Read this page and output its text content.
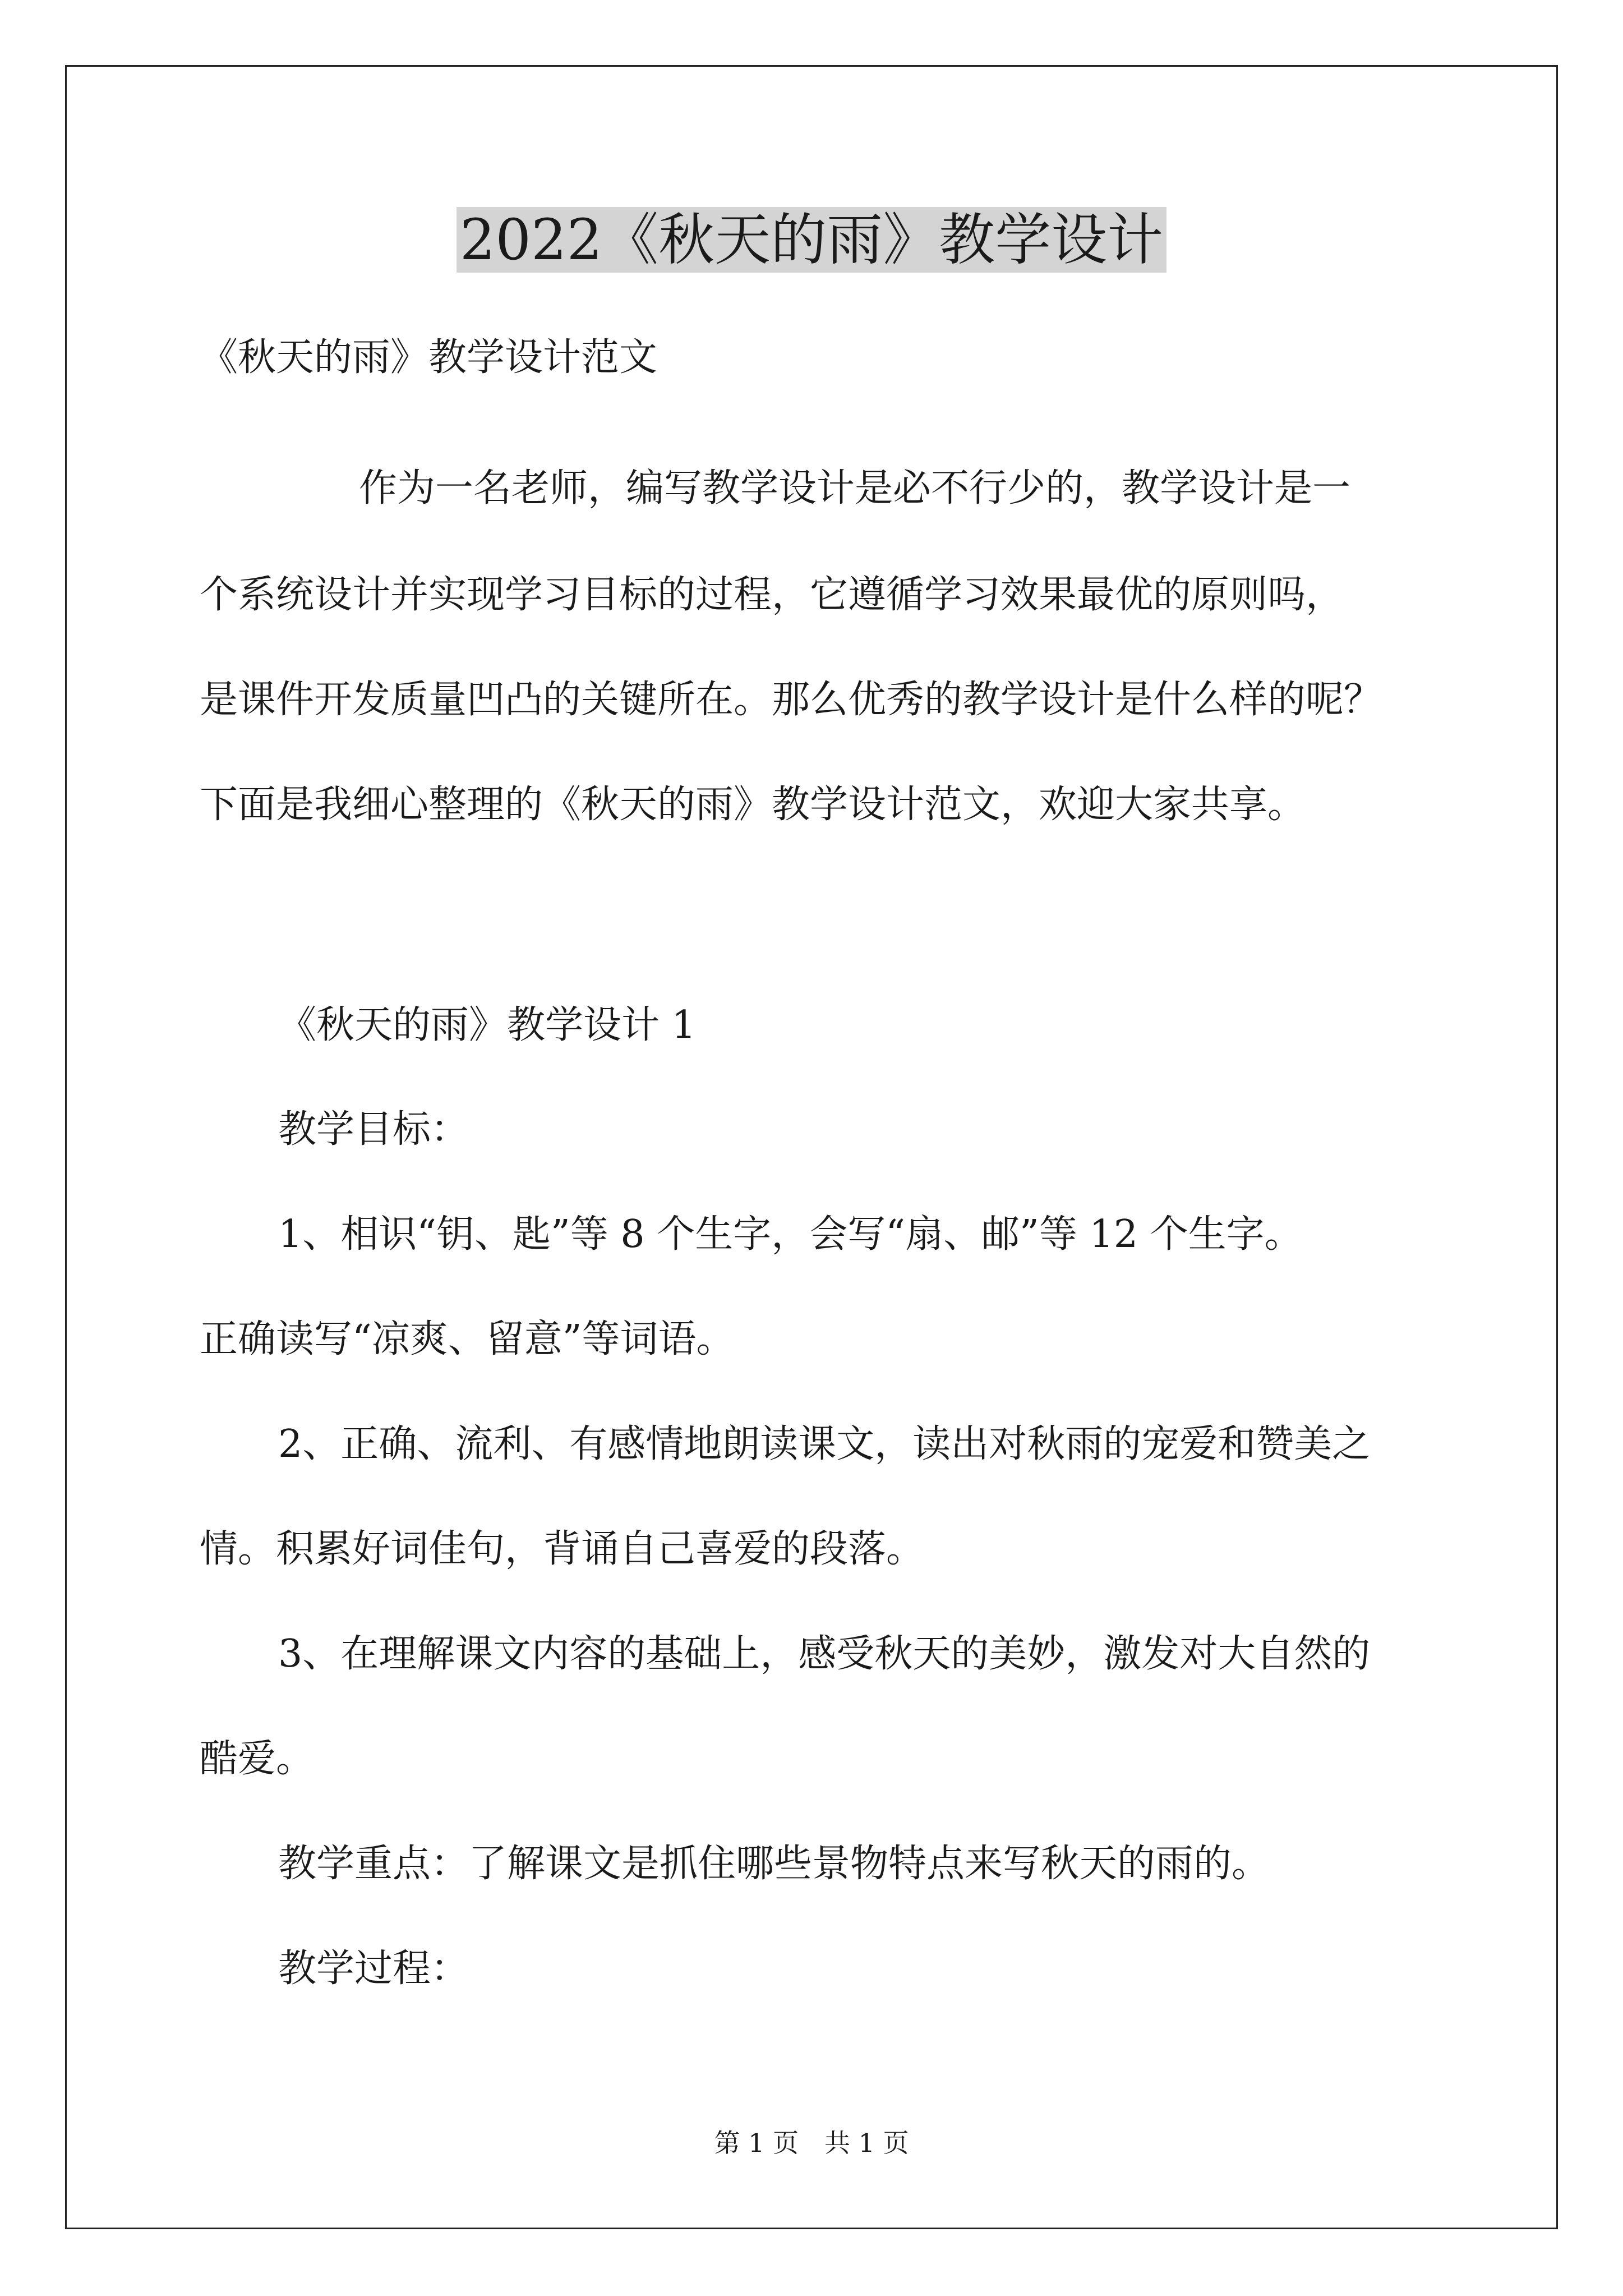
2022《秋天的雨》教学设计

《秋天的雨》教学设计范文

作为一名老师，编写教学设计是必不行少的，教学设计是一

个系统设计并实现学习目标的过程，它遵循学习效果最优的原则吗，

是课件开发质量凹凸的关键所在。那么优秀的教学设计是什么样的呢？

下面是我细心整理的《秋天的雨》教学设计范文，欢迎大家共享。

《秋天的雨》教学设计 1

教学目标：

1、相识“钥、匙”等 8 个生字，会写“扇、邮”等 12 个生字。

正确读写“凉爽、留意”等词语。

2、正确、流利、有感情地朗读课文，读出对秋雨的宠爱和赞美之

情。积累好词佳句，背诵自己喜爱的段落。

3、在理解课文内容的基础上，感受秋天的美妙，激发对大自然的

酷爱。

教学重点：了解课文是抓住哪些景物特点来写秋天的雨的。

教学过程：

第 1 页　共 1 页
